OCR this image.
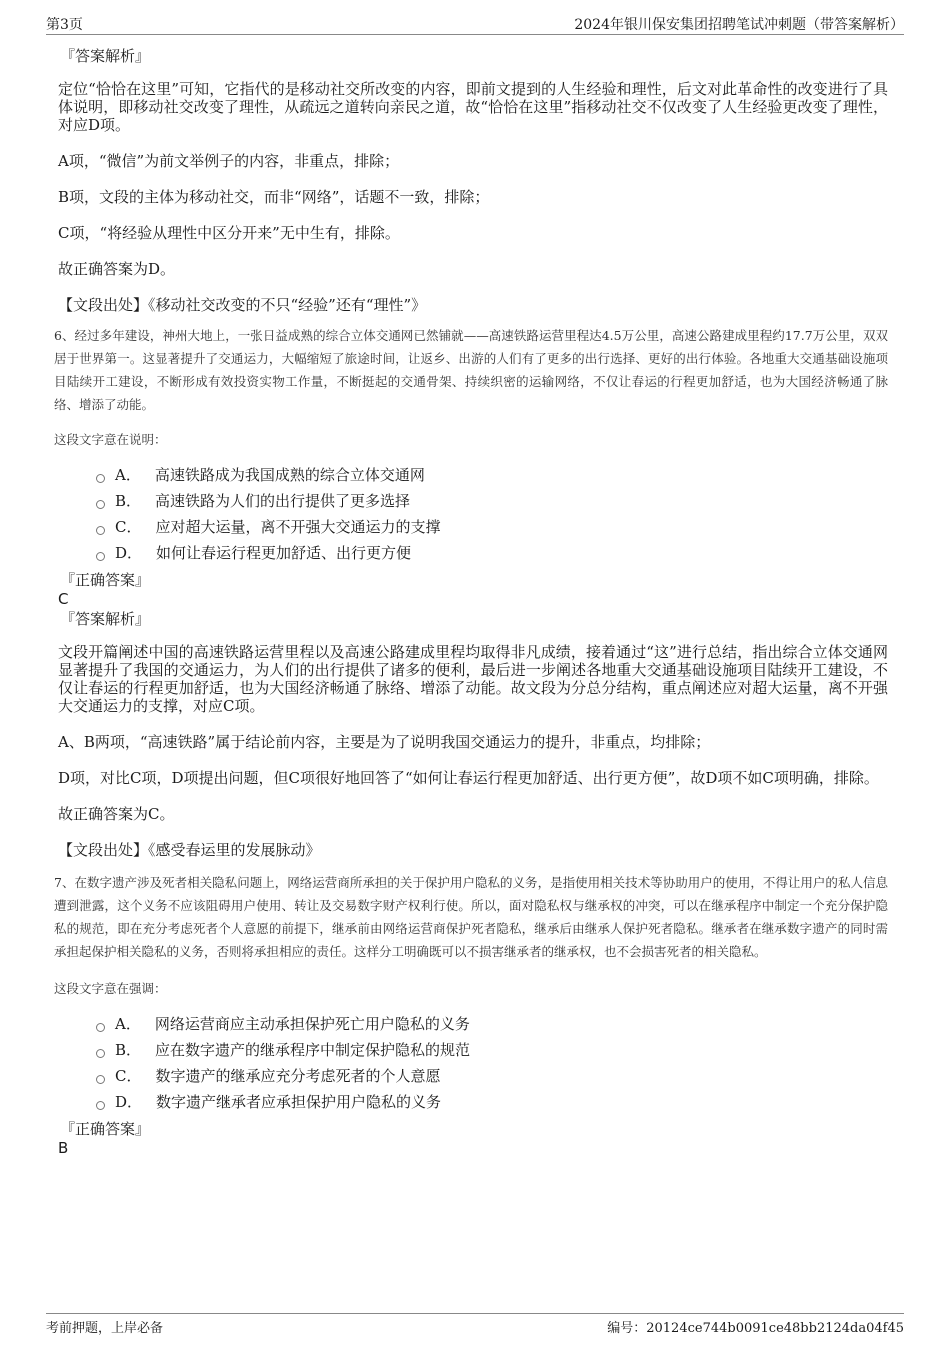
第3页	2024年银川保安集团招聘笔试冲刺题（带答案解析）
『答案解析』

定位“恰恰在这里”可知，它指代的是移动社交所改变的内容，即前文提到的人生经验和理性，后文对此革命性的改变进行了具体说明，即移动社交改变了理性，从疏远之道转向亲民之道，故“恰恰在这里”指移动社交不仅改变了人生经验更改变了理性，对应D项。

A项，“微信”为前文举例子的内容，非重点，排除；

B项，文段的主体为移动社交，而非“网络”，话题不一致，排除；

C项，“将经验从理性中区分开来”无中生有，排除。

故正确答案为D。

【文段出处】《移动社交改变的不只“经验”还有“理性”》

6、经过多年建设，神州大地上，一张日益成熟的综合立体交通网已然铺就——高速铁路运营里程达4.5万公里，高速公路建成里程约17.7万公里，双双居于世界第一。这显著提升了交通运力，大幅缩短了旅途时间，让返乡、出游的人们有了更多的出行选择、更好的出行体验。各地重大交通基础设施项目陆续开工建设，不断形成有效投资实物工作量，不断挺起的交通骨架、持续织密的运输网络，不仅让春运的行程更加舒适，也为大国经济畅通了脉络、增添了动能。

这段文字意在说明：

A． 高速铁路成为我国成熟的综合立体交通网
B． 高速铁路为人们的出行提供了更多选择
C． 应对超大运量，离不开强大交通运力的支撑
D． 如何让春运行程更加舒适、出行更方便
『正确答案』
C
『答案解析』

文段开篇阐述中国的高速铁路运营里程以及高速公路建成里程均取得非凡成绩，接着通过“这”进行总结，指出综合立体交通网显著提升了我国的交通运力，为人们的出行提供了诸多的便利，最后进一步阐述各地重大交通基础设施项目陆续开工建设，不仅让春运的行程更加舒适，也为大国经济畅通了脉络、增添了动能。故文段为分总分结构，重点阐述应对超大运量，离不开强大交通运力的支撑，对应C项。

A、B两项，“高速铁路”属于结论前内容，主要是为了说明我国交通运力的提升，非重点，均排除；

D项，对比C项，D项提出问题，但C项很好地回答了“如何让春运行程更加舒适、出行更方便”，故D项不如C项明确，排除。

故正确答案为C。

【文段出处】《感受春运里的发展脉动》

7、在数字遗产涉及死者相关隐私问题上，网络运营商所承担的关于保护用户隐私的义务，是指使用相关技术等协助用户的使用，不得让用户的私人信息遭到泄露，这个义务不应该阻碍用户使用、转让及交易数字财产权利行使。所以，面对隐私权与继承权的冲突，可以在继承程序中制定一个充分保护隐私的规范，即在充分考虑死者个人意愿的前提下，继承前由网络运营商保护死者隐私，继承后由继承人保护死者隐私。继承者在继承数字遗产的同时需承担起保护相关隐私的义务，否则将承担相应的责任。这样分工明确既可以不损害继承者的继承权，也不会损害死者的相关隐私。

这段文字意在强调：

A． 网络运营商应主动承担保护死亡用户隐私的义务
B． 应在数字遗产的继承程序中制定保护隐私的规范
C． 数字遗产的继承应充分考虑死者的个人意愿
D． 数字遗产继承者应承担保护用户隐私的义务
『正确答案』
B
考前押题，上岸必备	编号：20124ce744b0091ce48bb2124da04f45
